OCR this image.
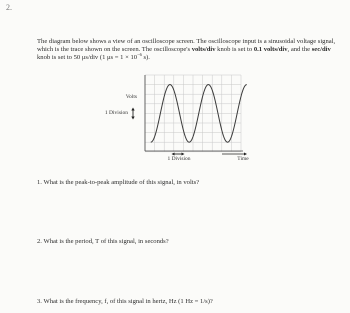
2.

The diagram below shows a view of an oscilloscope screen. The oscilloscope input is a sinusoidal voltage signal, which is the trace shown on the screen. The oscilloscope's volts/div knob is set to 0.1 volts/div, and the sec/div knob is set to 50 μs/div (1 $\mu s = 1 \times 10^{-6}$ s).

Volts
1 Division
1 Division	Time

1. What is the peak-to-peak amplitude of this signal, in volts?

2. What is the period, T of this signal, in seconds?

3. What is the frequency, f, of this signal in hertz, Hz (1 Hz = 1/s)?
